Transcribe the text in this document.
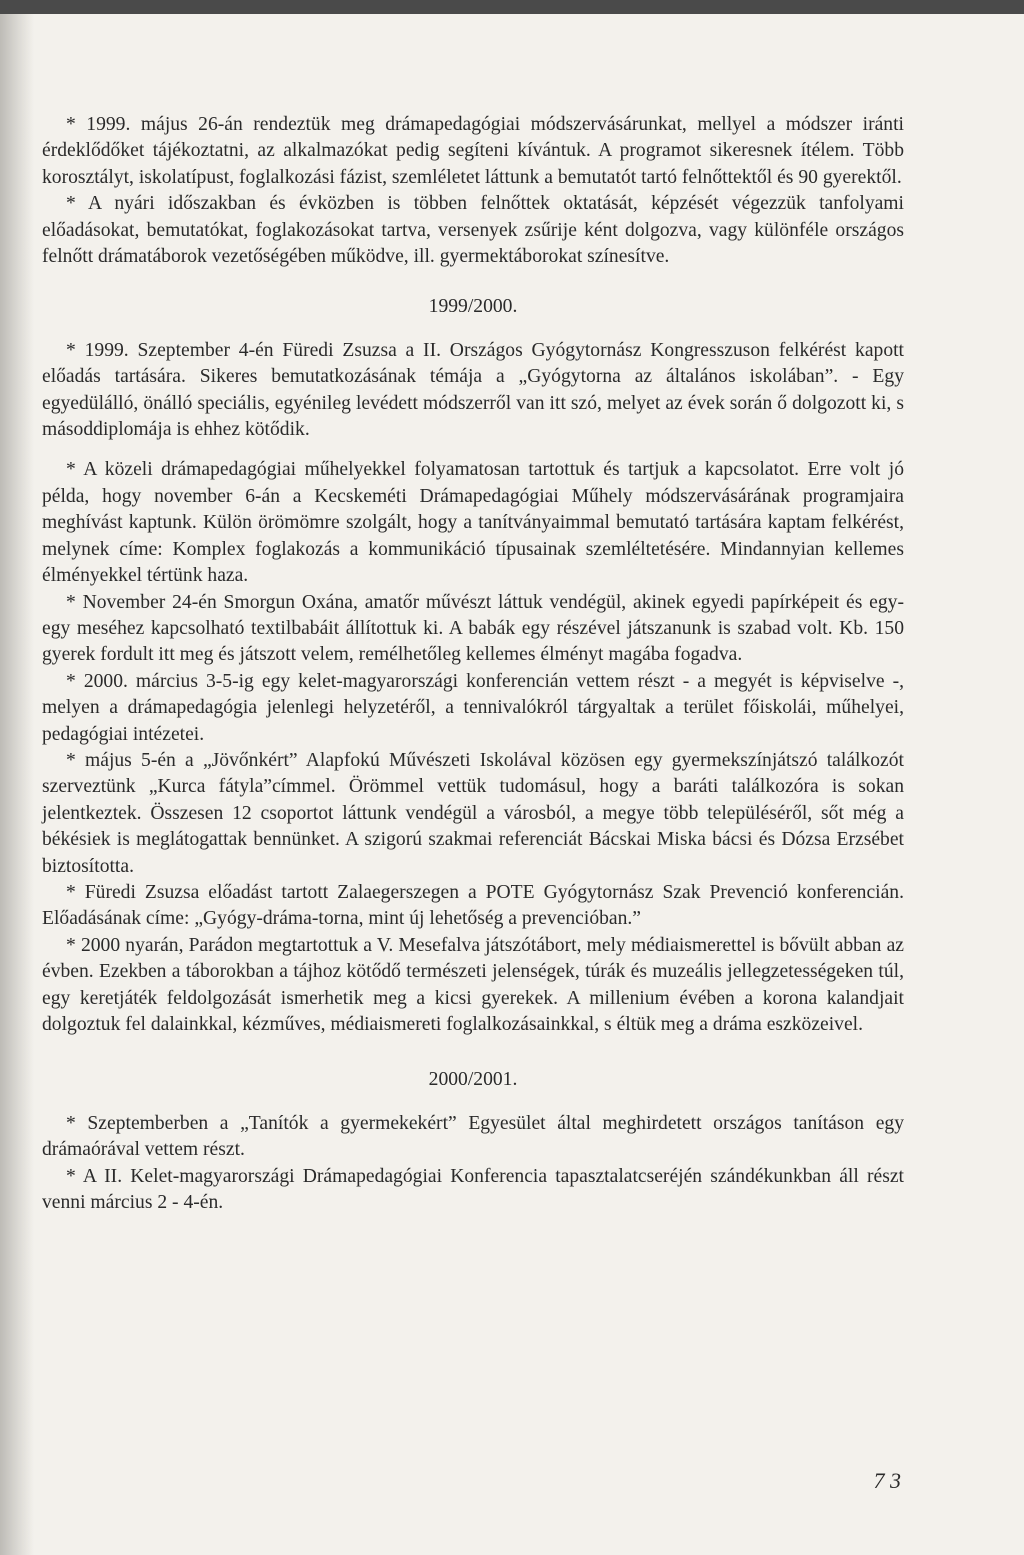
* 1999. május 26-án rendeztük meg drámapedagógiai módszervásárunkat, mellyel a módszer iránti érdeklődőket tájékoztatni, az alkalmazókat pedig segíteni kívántuk. A programot sikeresnek ítélem. Több korosztályt, iskolatípust, foglalkozási fázist, szemléletet láttunk a bemutatót tartó felnőttektől és 90 gyerektől.

* A nyári időszakban és évközben is többen felnőttek oktatását, képzését végezzük tanfolyami előadásokat, bemutatókat, foglakozásokat tartva, versenyek zsűrije ként dolgozva, vagy különféle országos felnőtt drámatáborok vezetőségében működve, ill. gyermektáborokat színesítve.

1999/2000.

* 1999. Szeptember 4-én Füredi Zsuzsa a II. Országos Gyógytornász Kongresszuson felkérést kapott előadás tartására. Sikeres bemutatkozásának témája a „Gyógytorna az általános iskolában”. - Egy egyedülálló, önálló speciális, egyénileg levédett módszerről van itt szó, melyet az évek során ő dolgozott ki, s másoddiplomája is ehhez kötődik.

* A közeli drámapedagógiai műhelyekkel folyamatosan tartottuk és tartjuk a kapcsolatot. Erre volt jó példa, hogy november 6-án a Kecskeméti Drámapedagógiai Műhely módszervásárának programjaira meghívást kaptunk. Külön örömömre szolgált, hogy a tanítványaimmal bemutató tartására kaptam felkérést, melynek címe: Komplex foglakozás a kommunikáció típusainak szemléltetésére. Mindannyian kellemes élményekkel tértünk haza.

* November 24-én Smorgun Oxána, amatőr művészt láttuk vendégül, akinek egyedi papírképeit és egy-egy meséhez kapcsolható textilbabáit állítottuk ki. A babák egy részével játszanunk is szabad volt. Kb. 150 gyerek fordult itt meg és játszott velem, remélhetőleg kellemes élményt magába fogadva.

* 2000. március 3-5-ig egy kelet-magyarországi konferencián vettem részt - a megyét is képviselve -, melyen a drámapedagógia jelenlegi helyzetéről, a tennivalókról tárgyaltak a terület főiskolái, műhelyei, pedagógiai intézetei.

* május 5-én a „Jövőnkért” Alapfokú Művészeti Iskolával közösen egy gyermekszínjátszó találkozót szerveztünk „Kurca fátyla”címmel. Örömmel vettük tudomásul, hogy a baráti találkozóra is sokan jelentkeztek. Összesen 12 csoportot láttunk vendégül a városból, a megye több településéről, sőt még a békésiek is meglátogattak bennünket. A szigorú szakmai referenciát Bácskai Miska bácsi és Dózsa Erzsébet biztosította.

* Füredi Zsuzsa előadást tartott Zalaegerszegen a POTE Gyógytornász Szak Prevenció konferencián. Előadásának címe: „Gyógy-dráma-torna, mint új lehetőség a prevencióban.”

* 2000 nyarán, Parádon megtartottuk a V. Mesefalva játszótábort, mely médiaismerettel is bővült abban az évben. Ezekben a táborokban a tájhoz kötődő természeti jelenségek, túrák és muzeális jellegzetességeken túl, egy keretjáték feldolgozását ismerhetik meg a kicsi gyerekek. A millenium évében a korona kalandjait dolgoztuk fel dalainkkal, kézműves, médiaismereti foglalkozásainkkal, s éltük meg a dráma eszközeivel.

2000/2001.

* Szeptemberben a „Tanítók a gyermekekért” Egyesület által meghirdetett országos tanításon egy drámaórával vettem részt.

* A II. Kelet-magyarországi Drámapedagógiai Konferencia tapasztalatcseréjén szándékunkban áll részt venni március 2 - 4-én.

7 3
